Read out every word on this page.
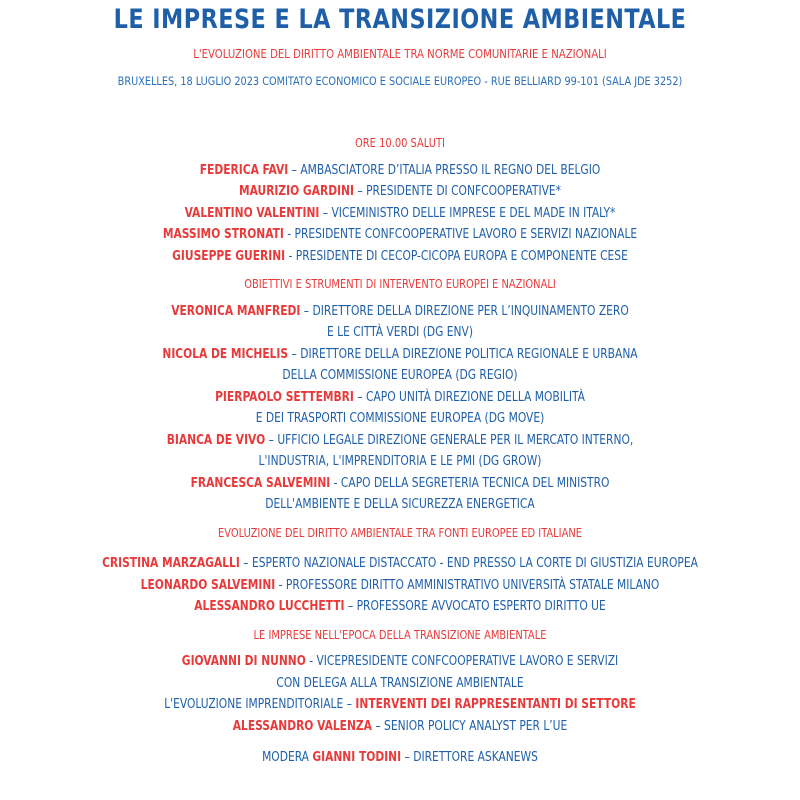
LE IMPRESE E LA TRANSIZIONE AMBIENTALE
L'EVOLUZIONE DEL DIRITTO AMBIENTALE TRA NORME COMUNITARIE E NAZIONALI
BRUXELLES, 18 LUGLIO 2023 COMITATO ECONOMICO E SOCIALE EUROPEO - RUE BELLIARD 99-101 (SALA JDE 3252)
ORE 10.00 SALUTI
FEDERICA FAVI – AMBASCIATORE D’ITALIA PRESSO IL REGNO DEL BELGIO
MAURIZIO GARDINI – PRESIDENTE DI CONFCOOPERATIVE*
VALENTINO VALENTINI – VICEMINISTRO DELLE IMPRESE E DEL MADE IN ITALY*
MASSIMO STRONATI - PRESIDENTE CONFCOOPERATIVE LAVORO E SERVIZI NAZIONALE
GIUSEPPE GUERINI - PRESIDENTE DI CECOP-CICOPA EUROPA E COMPONENTE CESE
OBIETTIVI E STRUMENTI DI INTERVENTO EUROPEI E NAZIONALI
VERONICA MANFREDI – DIRETTORE DELLA DIREZIONE PER L’INQUINAMENTO ZERO
E LE CITTÀ VERDI (DG ENV)
NICOLA DE MICHELIS – DIRETTORE DELLA DIREZIONE POLITICA REGIONALE E URBANA
DELLA COMMISSIONE EUROPEA (DG REGIO)
PIERPAOLO SETTEMBRI – CAPO UNITÀ DIREZIONE DELLA MOBILITÀ
E DEI TRASPORTI COMMISSIONE EUROPEA (DG MOVE)
BIANCA DE VIVO – UFFICIO LEGALE DIREZIONE GENERALE PER IL MERCATO INTERNO,
L'INDUSTRIA, L'IMPRENDITORIA E LE PMI (DG GROW)
FRANCESCA SALVEMINI - CAPO DELLA SEGRETERIA TECNICA DEL MINISTRO
DELL'AMBIENTE E DELLA SICUREZZA ENERGETICA
EVOLUZIONE DEL DIRITTO AMBIENTALE TRA FONTI EUROPEE ED ITALIANE
CRISTINA MARZAGALLI – ESPERTO NAZIONALE DISTACCATO - END PRESSO LA CORTE DI GIUSTIZIA EUROPEA
LEONARDO SALVEMINI - PROFESSORE DIRITTO AMMINISTRATIVO UNIVERSITÀ STATALE MILANO
ALESSANDRO LUCCHETTI – PROFESSORE AVVOCATO ESPERTO DIRITTO UE
LE IMPRESE NELL'EPOCA DELLA TRANSIZIONE AMBIENTALE
GIOVANNI DI NUNNO - VICEPRESIDENTE CONFCOOPERATIVE LAVORO E SERVIZI
CON DELEGA ALLA TRANSIZIONE AMBIENTALE
L'EVOLUZIONE IMPRENDITORIALE – INTERVENTI DEI RAPPRESENTANTI DI SETTORE
ALESSANDRO VALENZA – SENIOR POLICY ANALYST PER L’UE
MODERA GIANNI TODINI – DIRETTORE ASKANEWS
